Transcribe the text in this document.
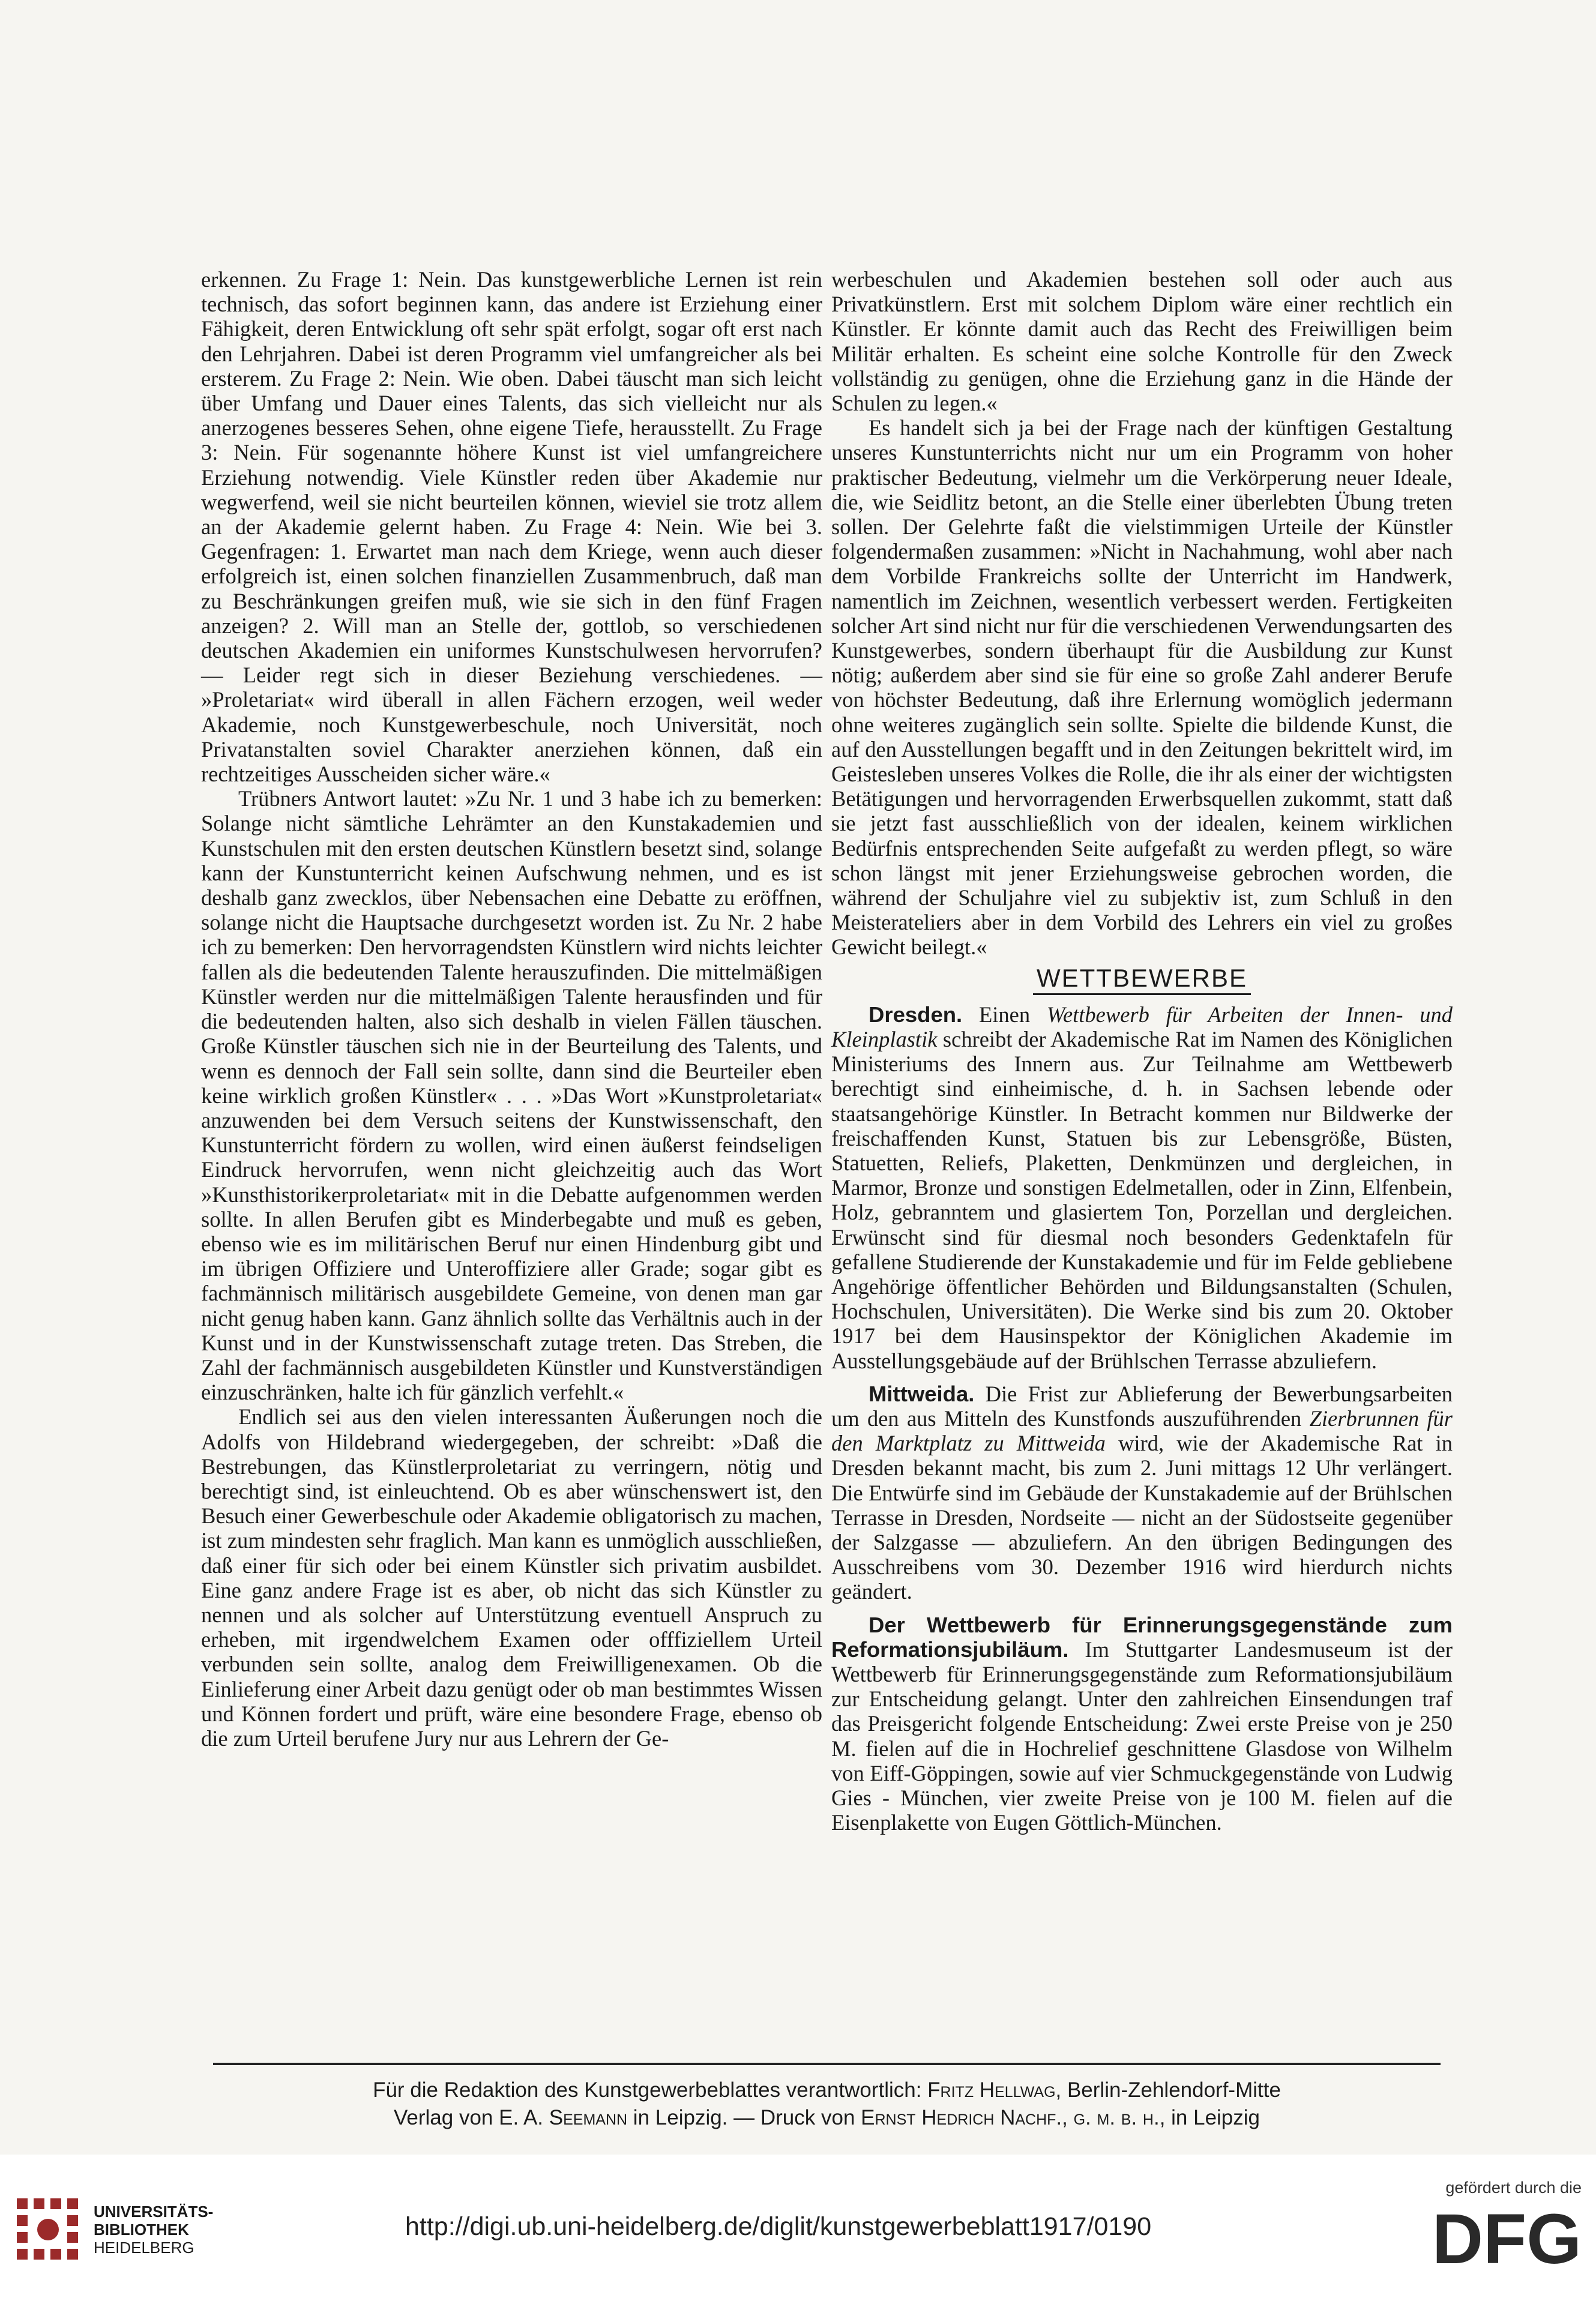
erkennen. Zu Frage 1: Nein. Das kunstgewerbliche Lernen ist rein technisch, das sofort beginnen kann, das andere ist Erziehung einer Fähigkeit, deren Entwicklung oft sehr spät erfolgt, sogar oft erst nach den Lehrjahren. Dabei ist deren Programm viel umfangreicher als bei ersterem. Zu Frage 2: Nein. Wie oben. Dabei täuscht man sich leicht über Umfang und Dauer eines Talents, das sich vielleicht nur als anerzogenes besseres Sehen, ohne eigene Tiefe, herausstellt. Zu Frage 3: Nein. Für sogenannte höhere Kunst ist viel umfangreichere Erziehung notwendig. Viele Künstler reden über Akademie nur wegwerfend, weil sie nicht beurteilen können, wieviel sie trotz allem an der Akademie gelernt haben. Zu Frage 4: Nein. Wie bei 3. Gegenfragen: 1. Erwartet man nach dem Kriege, wenn auch dieser erfolgreich ist, einen solchen finanziellen Zusammenbruch, daß man zu Beschränkungen greifen muß, wie sie sich in den fünf Fragen anzeigen? 2. Will man an Stelle der, gottlob, so verschiedenen deutschen Akademien ein uniformes Kunstschulwesen hervorrufen? — Leider regt sich in dieser Beziehung verschiedenes. — »Proletariat« wird überall in allen Fächern erzogen, weil weder Akademie, noch Kunstgewerbeschule, noch Universität, noch Privatanstalten soviel Charakter anerziehen können, daß ein rechtzeitiges Ausscheiden sicher wäre.«

Trübners Antwort lautet: »Zu Nr. 1 und 3 habe ich zu bemerken: Solange nicht sämtliche Lehrämter an den Kunstakademien und Kunstschulen mit den ersten deutschen Künstlern besetzt sind, solange kann der Kunstunterricht keinen Aufschwung nehmen, und es ist deshalb ganz zwecklos, über Nebensachen eine Debatte zu eröffnen, solange nicht die Hauptsache durchgesetzt worden ist. Zu Nr. 2 habe ich zu bemerken: Den hervorragendsten Künstlern wird nichts leichter fallen als die bedeutenden Talente herauszufinden. Die mittelmäßigen Künstler werden nur die mittelmäßigen Talente herausfinden und für die bedeutenden halten, also sich deshalb in vielen Fällen täuschen. Große Künstler täuschen sich nie in der Beurteilung des Talents, und wenn es dennoch der Fall sein sollte, dann sind die Beurteiler eben keine wirklich großen Künstler« . . . »Das Wort »Kunstproletariat« anzuwenden bei dem Versuch seitens der Kunstwissenschaft, den Kunstunterricht fördern zu wollen, wird einen äußerst feindseligen Eindruck hervorrufen, wenn nicht gleichzeitig auch das Wort »Kunsthistorikerproletariat« mit in die Debatte aufgenommen werden sollte. In allen Berufen gibt es Minderbegabte und muß es geben, ebenso wie es im militärischen Beruf nur einen Hindenburg gibt und im übrigen Offiziere und Unteroffiziere aller Grade; sogar gibt es fachmännisch militärisch ausgebildete Gemeine, von denen man gar nicht genug haben kann. Ganz ähnlich sollte das Verhältnis auch in der Kunst und in der Kunstwissenschaft zutage treten. Das Streben, die Zahl der fachmännisch ausgebildeten Künstler und Kunstverständigen einzuschränken, halte ich für gänzlich verfehlt.«

Endlich sei aus den vielen interessanten Äußerungen noch die Adolfs von Hildebrand wiedergegeben, der schreibt: »Daß die Bestrebungen, das Künstlerproletariat zu verringern, nötig und berechtigt sind, ist einleuchtend. Ob es aber wünschenswert ist, den Besuch einer Gewerbeschule oder Akademie obligatorisch zu machen, ist zum mindesten sehr fraglich. Man kann es unmöglich ausschließen, daß einer für sich oder bei einem Künstler sich privatim ausbildet. Eine ganz andere Frage ist es aber, ob nicht das sich Künstler zu nennen und als solcher auf Unterstützung eventuell Anspruch zu erheben, mit irgendwelchem Examen oder offfiziellem Urteil verbunden sein sollte, analog dem Freiwilligenexamen. Ob die Einlieferung einer Arbeit dazu genügt oder ob man bestimmtes Wissen und Können fordert und prüft, wäre eine besondere Frage, ebenso ob die zum Urteil berufene Jury nur aus Lehrern der Ge-

werbeschulen und Akademien bestehen soll oder auch aus Privatkünstlern. Erst mit solchem Diplom wäre einer rechtlich ein Künstler. Er könnte damit auch das Recht des Freiwilligen beim Militär erhalten. Es scheint eine solche Kontrolle für den Zweck vollständig zu genügen, ohne die Erziehung ganz in die Hände der Schulen zu legen.«

Es handelt sich ja bei der Frage nach der künftigen Gestaltung unseres Kunstunterrichts nicht nur um ein Programm von hoher praktischer Bedeutung, vielmehr um die Verkörperung neuer Ideale, die, wie Seidlitz betont, an die Stelle einer überlebten Übung treten sollen. Der Gelehrte faßt die vielstimmigen Urteile der Künstler folgendermaßen zusammen: »Nicht in Nachahmung, wohl aber nach dem Vorbilde Frankreichs sollte der Unterricht im Handwerk, namentlich im Zeichnen, wesentlich verbessert werden. Fertigkeiten solcher Art sind nicht nur für die verschiedenen Verwendungsarten des Kunstgewerbes, sondern überhaupt für die Ausbildung zur Kunst nötig; außerdem aber sind sie für eine so große Zahl anderer Berufe von höchster Bedeutung, daß ihre Erlernung womöglich jedermann ohne weiteres zugänglich sein sollte. Spielte die bildende Kunst, die auf den Ausstellungen begafft und in den Zeitungen bekrittelt wird, im Geistesleben unseres Volkes die Rolle, die ihr als einer der wichtigsten Betätigungen und hervorragenden Erwerbsquellen zukommt, statt daß sie jetzt fast ausschließlich von der idealen, keinem wirklichen Bedürfnis entsprechenden Seite aufgefaßt zu werden pflegt, so wäre schon längst mit jener Erziehungsweise gebrochen worden, die während der Schuljahre viel zu subjektiv ist, zum Schluß in den Meisterateliers aber in dem Vorbild des Lehrers ein viel zu großes Gewicht beilegt.«

WETTBEWERBE

Dresden. Einen Wettbewerb für Arbeiten der Innen- und Kleinplastik schreibt der Akademische Rat im Namen des Königlichen Ministeriums des Innern aus. Zur Teilnahme am Wettbewerb berechtigt sind einheimische, d. h. in Sachsen lebende oder staatsangehörige Künstler. In Betracht kommen nur Bildwerke der freischaffenden Kunst, Statuen bis zur Lebensgröße, Büsten, Statuetten, Reliefs, Plaketten, Denkmünzen und dergleichen, in Marmor, Bronze und sonstigen Edelmetallen, oder in Zinn, Elfenbein, Holz, gebranntem und glasiertem Ton, Porzellan und dergleichen. Erwünscht sind für diesmal noch besonders Gedenktafeln für gefallene Studierende der Kunstakademie und für im Felde gebliebene Angehörige öffentlicher Behörden und Bildungsanstalten (Schulen, Hochschulen, Universitäten). Die Werke sind bis zum 20. Oktober 1917 bei dem Hausinspektor der Königlichen Akademie im Ausstellungsgebäude auf der Brühlschen Terrasse abzuliefern.

Mittweida. Die Frist zur Ablieferung der Bewerbungsarbeiten um den aus Mitteln des Kunstfonds auszuführenden Zierbrunnen für den Marktplatz zu Mittweida wird, wie der Akademische Rat in Dresden bekannt macht, bis zum 2. Juni mittags 12 Uhr verlängert. Die Entwürfe sind im Gebäude der Kunstakademie auf der Brühlschen Terrasse in Dresden, Nordseite — nicht an der Südostseite gegenüber der Salzgasse — abzuliefern. An den übrigen Bedingungen des Ausschreibens vom 30. Dezember 1916 wird hierdurch nichts geändert.

Der Wettbewerb für Erinnerungsgegenstände zum Reformationsjubiläum. Im Stuttgarter Landesmuseum ist der Wettbewerb für Erinnerungsgegenstände zum Reformationsjubiläum zur Entscheidung gelangt. Unter den zahlreichen Einsendungen traf das Preisgericht folgende Entscheidung: Zwei erste Preise von je 250 M. fielen auf die in Hochrelief geschnittene Glasdose von Wilhelm von Eiff-Göppingen, sowie auf vier Schmuckgegenstände von Ludwig Gies - München, vier zweite Preise von je 100 M. fielen auf die Eisenplakette von Eugen Göttlich-München.

Für die Redaktion des Kunstgewerbeblattes verantwortlich: Fritz Hellwag, Berlin-Zehlendorf-Mitte
Verlag von E. A. Seemann in Leipzig. — Druck von Ernst Hedrich Nachf., g. m. b. h., in Leipzig
UNIVERSITÄTS-
BIBLIOTHEK
HEIDELBERG
http://digi.ub.uni-heidelberg.de/diglit/kunstgewerbeblatt1917/0190
gefördert durch die
DFG
